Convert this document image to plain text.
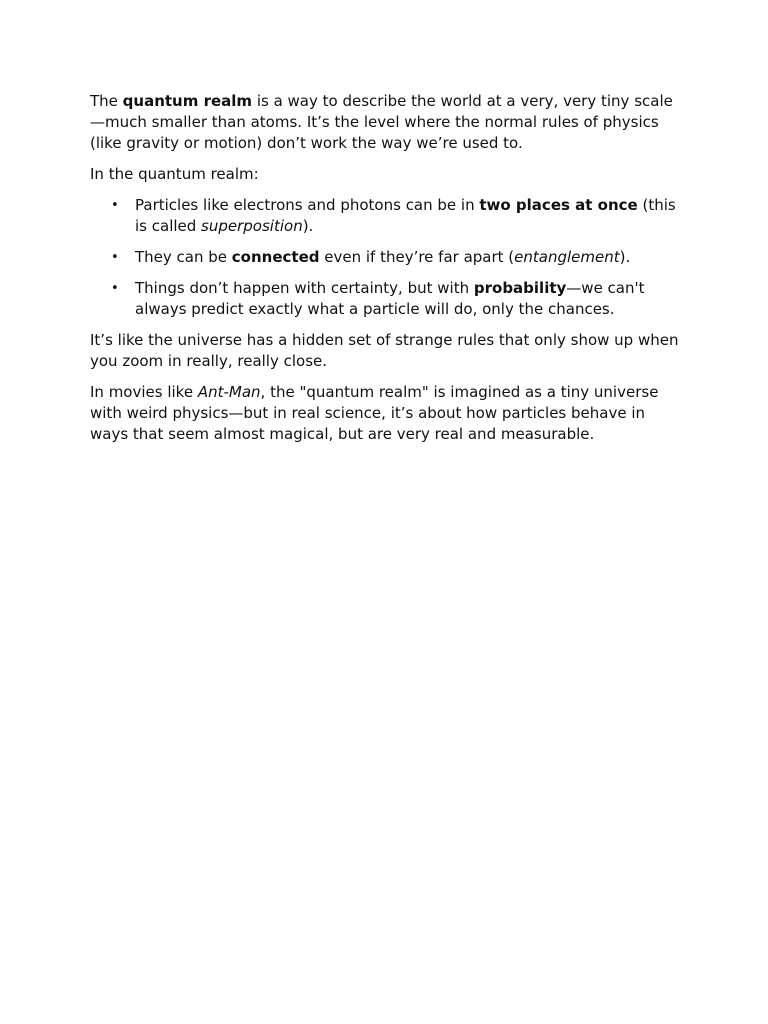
The quantum realm is a way to describe the world at a very, very tiny scale —much smaller than atoms. It’s the level where the normal rules of physics (like gravity or motion) don’t work the way we’re used to.

In the quantum realm:

• Particles like electrons and photons can be in two places at once (this is called superposition).
• They can be connected even if they’re far apart (entanglement).
• Things don’t happen with certainty, but with probability—we can't always predict exactly what a particle will do, only the chances.

It’s like the universe has a hidden set of strange rules that only show up when you zoom in really, really close.

In movies like Ant-Man, the "quantum realm" is imagined as a tiny universe with weird physics—but in real science, it’s about how particles behave in ways that seem almost magical, but are very real and measurable.
